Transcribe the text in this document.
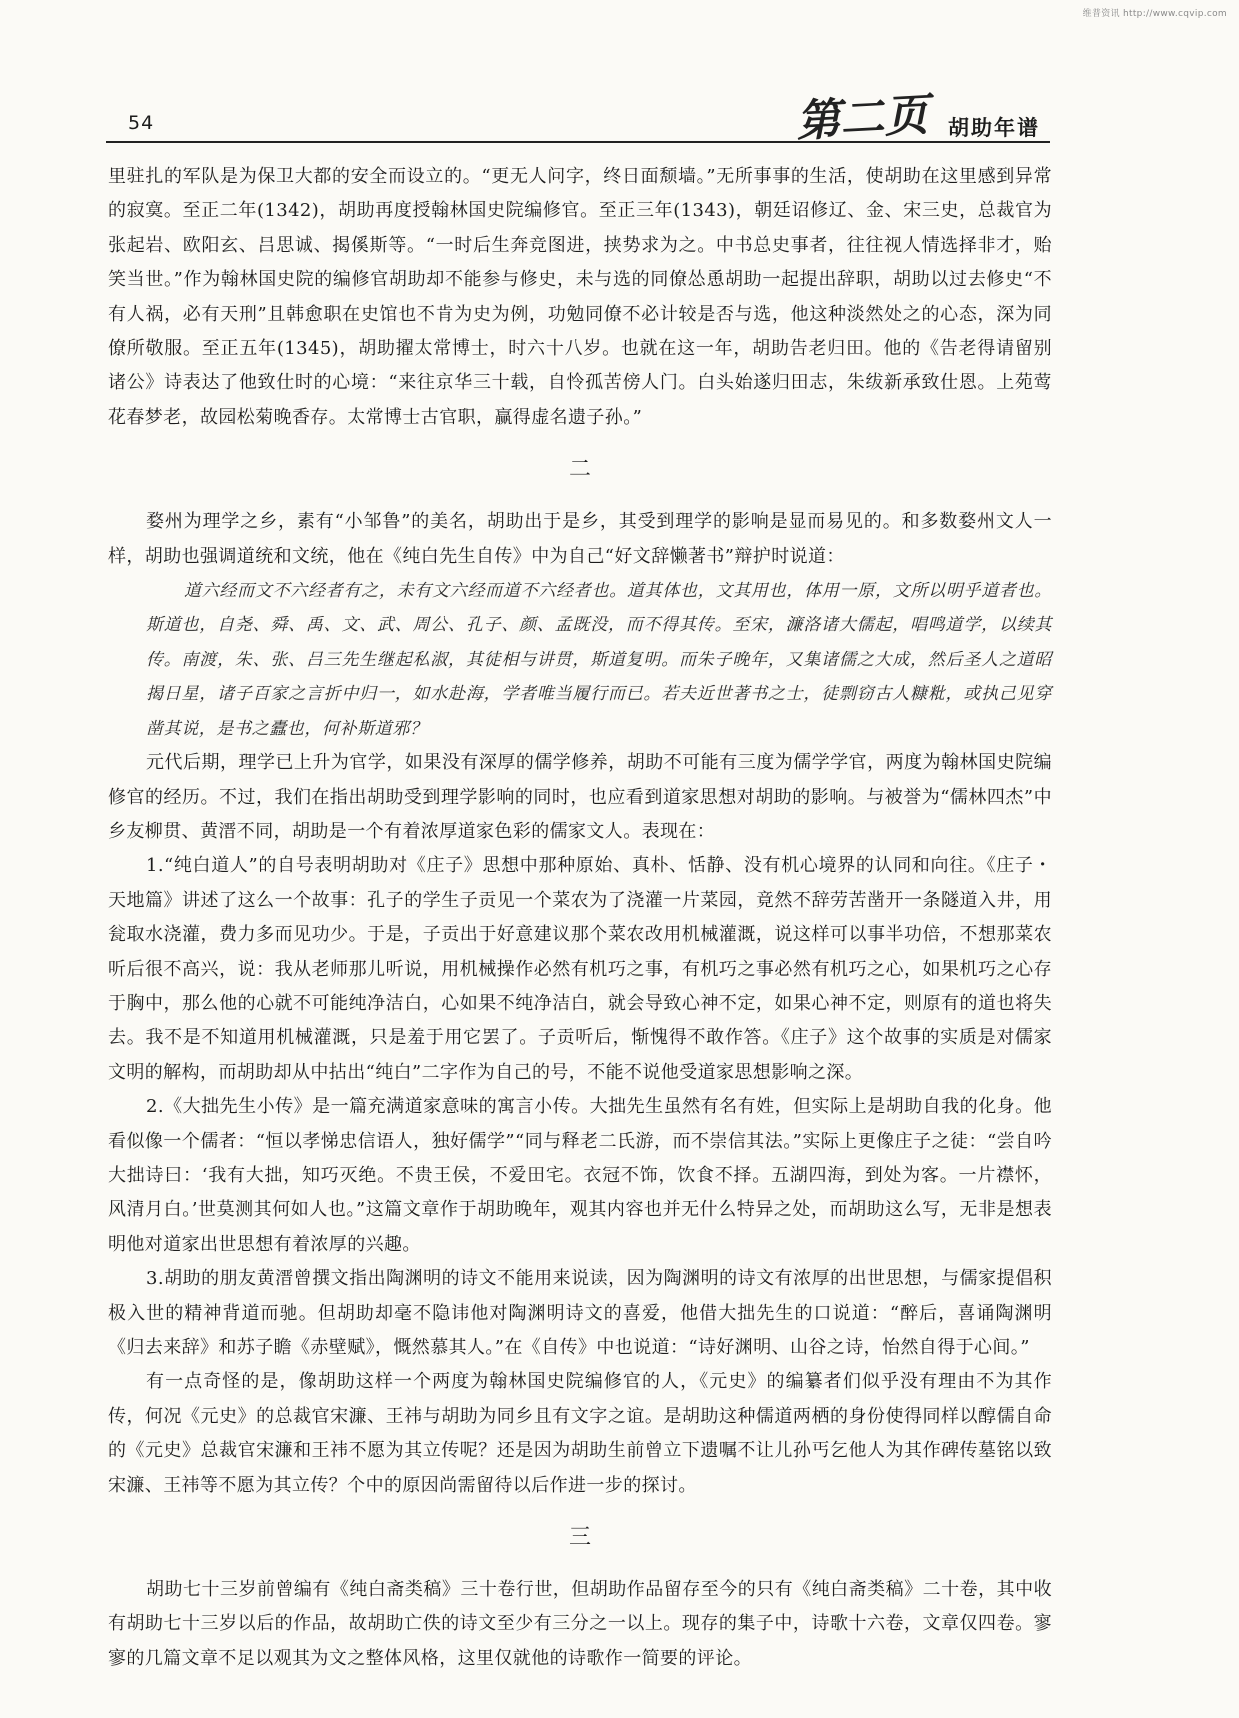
维普资讯 http://www.cqvip.com
54	第二页 胡助年谱

里驻扎的军队是为保卫大都的安全而设立的。“更无人问字，终日面颓墙。”无所事事的生活，使胡助在这里感到异常的寂寞。至正二年(1342)，胡助再度授翰林国史院编修官。至正三年(1343)，朝廷诏修辽、金、宋三史，总裁官为张起岩、欧阳玄、吕思诚、揭傒斯等。“一时后生奔竞图进，挟势求为之。中书总史事者，往往视人情选择非才，贻笑当世。”作为翰林国史院的编修官胡助却不能参与修史，未与选的同僚怂恿胡助一起提出辞职，胡助以过去修史“不有人祸，必有天刑”且韩愈职在史馆也不肯为史为例，功勉同僚不必计较是否与选，他这种淡然处之的心态，深为同僚所敬服。至正五年(1345)，胡助擢太常博士，时六十八岁。也就在这一年，胡助告老归田。他的《告老得请留别诸公》诗表达了他致仕时的心境：“来往京华三十载，自怜孤苦傍人门。白头始遂归田志，朱绂新承致仕恩。上苑莺花春梦老，故园松菊晚香存。太常博士古官职，赢得虚名遗子孙。”

二

婺州为理学之乡，素有“小邹鲁”的美名，胡助出于是乡，其受到理学的影响是显而易见的。和多数婺州文人一样，胡助也强调道统和文统，他在《纯白先生自传》中为自己“好文辞懒著书”辩护时说道：

道六经而文不六经者有之，未有文六经而道不六经者也。道其体也，文其用也，体用一原，文所以明乎道者也。斯道也，自尧、舜、禹、文、武、周公、孔子、颜、孟既没，而不得其传。至宋，濂洛诸大儒起，唱鸣道学，以续其传。南渡，朱、张、吕三先生继起私淑，其徒相与讲贯，斯道复明。而朱子晚年，又集诸儒之大成，然后圣人之道昭揭日星，诸子百家之言折中归一，如水赴海，学者唯当履行而已。若夫近世著书之士，徒剽窃古人糠粃，或执己见穿凿其说，是书之蠹也，何补斯道邪？

元代后期，理学已上升为官学，如果没有深厚的儒学修养，胡助不可能有三度为儒学学官，两度为翰林国史院编修官的经历。不过，我们在指出胡助受到理学影响的同时，也应看到道家思想对胡助的影响。与被誉为“儒林四杰”中乡友柳贯、黄溍不同，胡助是一个有着浓厚道家色彩的儒家文人。表现在：

1.“纯白道人”的自号表明胡助对《庄子》思想中那种原始、真朴、恬静、没有机心境界的认同和向往。《庄子・天地篇》讲述了这么一个故事：孔子的学生子贡见一个菜农为了浇灌一片菜园，竟然不辞劳苦凿开一条隧道入井，用瓮取水浇灌，费力多而见功少。于是，子贡出于好意建议那个菜农改用机械灌溉，说这样可以事半功倍，不想那菜农听后很不高兴，说：我从老师那儿听说，用机械操作必然有机巧之事，有机巧之事必然有机巧之心，如果机巧之心存于胸中，那么他的心就不可能纯净洁白，心如果不纯净洁白，就会导致心神不定，如果心神不定，则原有的道也将失去。我不是不知道用机械灌溉，只是羞于用它罢了。子贡听后，惭愧得不敢作答。《庄子》这个故事的实质是对儒家文明的解构，而胡助却从中拈出“纯白”二字作为自己的号，不能不说他受道家思想影响之深。

2.《大拙先生小传》是一篇充满道家意味的寓言小传。大拙先生虽然有名有姓，但实际上是胡助自我的化身。他看似像一个儒者：“恒以孝悌忠信语人，独好儒学”“同与释老二氏游，而不崇信其法。”实际上更像庄子之徒：“尝自吟大拙诗曰：‘我有大拙，知巧灭绝。不贵王侯，不爱田宅。衣冠不饰，饮食不择。五湖四海，到处为客。一片襟怀，风清月白。’世莫测其何如人也。”这篇文章作于胡助晚年，观其内容也并无什么特异之处，而胡助这么写，无非是想表明他对道家出世思想有着浓厚的兴趣。

3.胡助的朋友黄溍曾撰文指出陶渊明的诗文不能用来说读，因为陶渊明的诗文有浓厚的出世思想，与儒家提倡积极入世的精神背道而驰。但胡助却毫不隐讳他对陶渊明诗文的喜爱，他借大拙先生的口说道：“醉后，喜诵陶渊明《归去来辞》和苏子瞻《赤壁赋》，慨然慕其人。”在《自传》中也说道：“诗好渊明、山谷之诗，怡然自得于心间。”

有一点奇怪的是，像胡助这样一个两度为翰林国史院编修官的人，《元史》的编纂者们似乎没有理由不为其作传，何况《元史》的总裁官宋濂、王祎与胡助为同乡且有文字之谊。是胡助这种儒道两栖的身份使得同样以醇儒自命的《元史》总裁官宋濂和王祎不愿为其立传呢？还是因为胡助生前曾立下遗嘱不让儿孙丐乞他人为其作碑传墓铭以致宋濂、王祎等不愿为其立传？个中的原因尚需留待以后作进一步的探讨。

三

胡助七十三岁前曾编有《纯白斋类稿》三十卷行世，但胡助作品留存至今的只有《纯白斋类稿》二十卷，其中收有胡助七十三岁以后的作品，故胡助亡佚的诗文至少有三分之一以上。现存的集子中，诗歌十六卷，文章仅四卷。寥寥的几篇文章不足以观其为文之整体风格，这里仅就他的诗歌作一简要的评论。
